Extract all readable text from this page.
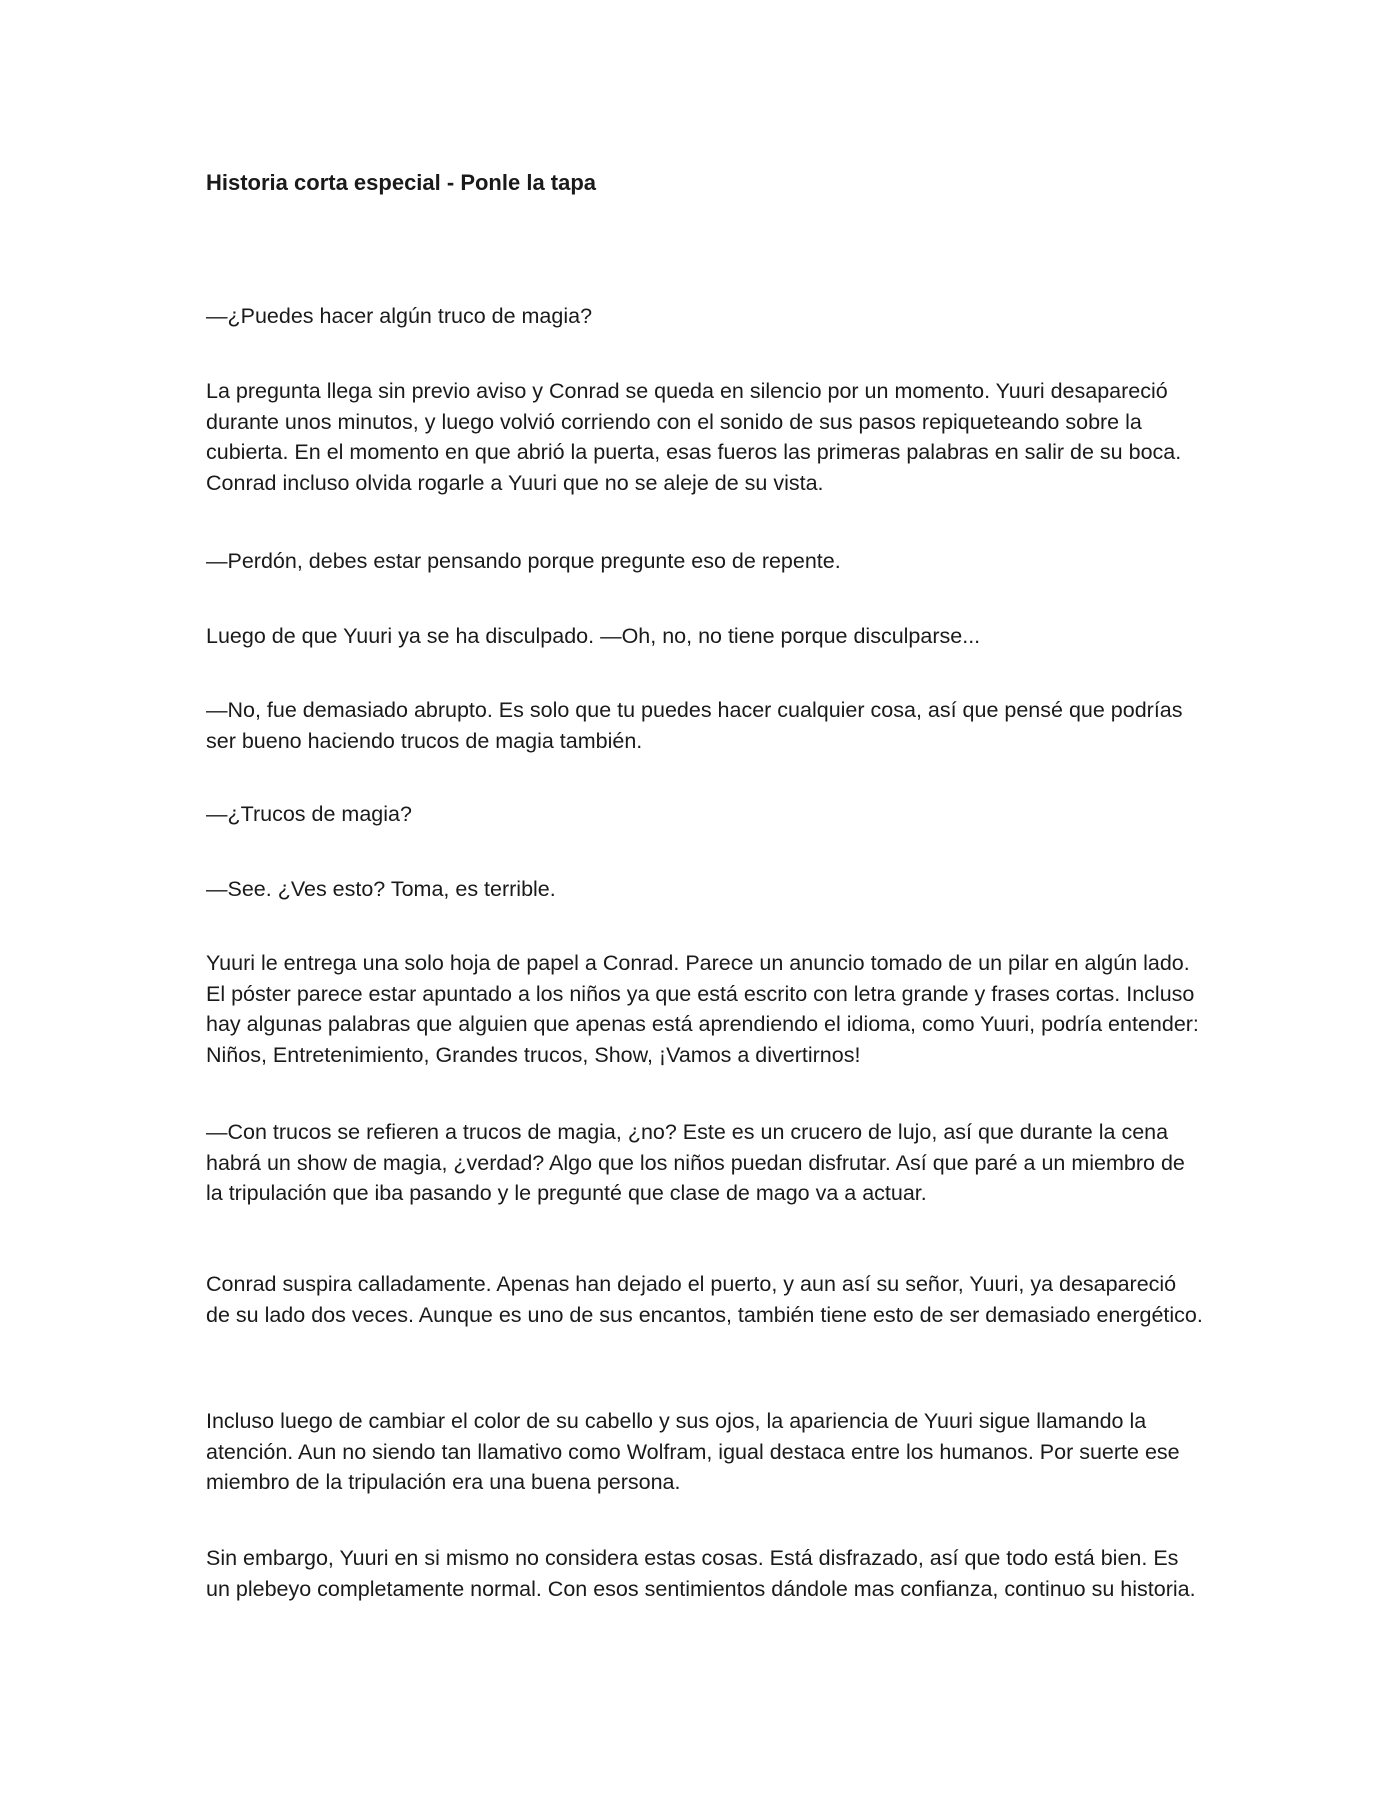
Historia corta especial - Ponle la tapa

—¿Puedes hacer algún truco de magia?

La pregunta llega sin previo aviso y Conrad se queda en silencio por un momento. Yuuri desapareció durante unos minutos, y luego volvió corriendo con el sonido de sus pasos repiqueteando sobre la cubierta. En el momento en que abrió la puerta, esas fueros las primeras palabras en salir de su boca. Conrad incluso olvida rogarle a Yuuri que no se aleje de su vista.

—Perdón, debes estar pensando porque pregunte eso de repente.

Luego de que Yuuri ya se ha disculpado. —Oh, no, no tiene porque disculparse...

—No, fue demasiado abrupto. Es solo que tu puedes hacer cualquier cosa, así que pensé que podrías ser bueno haciendo trucos de magia también.

—¿Trucos de magia?

—See. ¿Ves esto? Toma, es terrible.

Yuuri le entrega una solo hoja de papel a Conrad. Parece un anuncio tomado de un pilar en algún lado. El póster parece estar apuntado a los niños ya que está escrito con letra grande y frases cortas. Incluso hay algunas palabras que alguien que apenas está aprendiendo el idioma, como Yuuri, podría entender: Niños, Entretenimiento, Grandes trucos, Show, ¡Vamos a divertirnos!

—Con trucos se refieren a trucos de magia, ¿no? Este es un crucero de lujo, así que durante la cena habrá un show de magia, ¿verdad? Algo que los niños puedan disfrutar. Así que paré a un miembro de la tripulación que iba pasando y le pregunté que clase de mago va a actuar.

Conrad suspira calladamente. Apenas han dejado el puerto, y aun así su señor, Yuuri, ya desapareció de su lado dos veces. Aunque es uno de sus encantos, también tiene esto de ser demasiado energético.

Incluso luego de cambiar el color de su cabello y sus ojos, la apariencia de Yuuri sigue llamando la atención. Aun no siendo tan llamativo como Wolfram, igual destaca entre los humanos. Por suerte ese miembro de la tripulación era una buena persona.

Sin embargo, Yuuri en si mismo no considera estas cosas. Está disfrazado, así que todo está bien. Es un plebeyo completamente normal. Con esos sentimientos dándole mas confianza, continuo su historia.
